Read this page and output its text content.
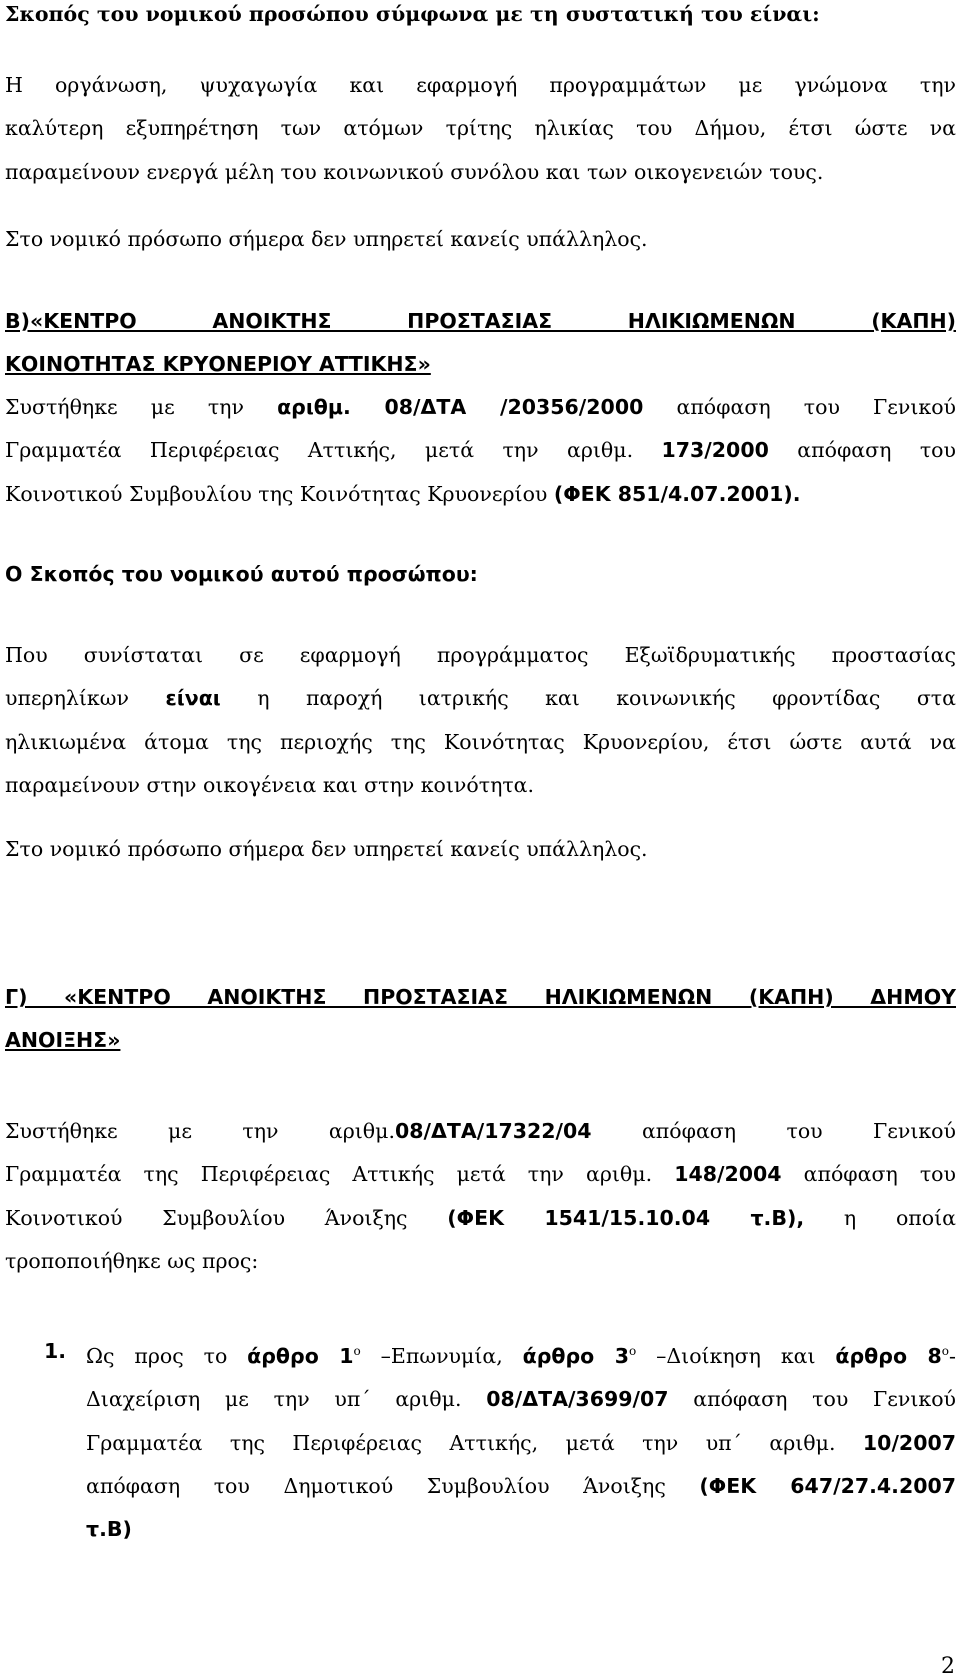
Σκοπός του νομικού προσώπου σύμφωνα με τη συστατική του είναι:

Η οργάνωση, ψυχαγωγία και εφαρμογή προγραμμάτων με γνώμονα την
καλύτερη εξυπηρέτηση των ατόμων τρίτης ηλικίας του Δήμου, έτσι ώστε να
παραμείνουν ενεργά μέλη του κοινωνικού συνόλου και των οικογενειών τους.
Στο νομικό πρόσωπο σήμερα δεν υπηρετεί κανείς υπάλληλος.
Β)«ΚΕΝΤΡΟ ΑΝΟΙΚΤΗΣ ΠΡΟΣΤΑΣΙΑΣ ΗΛΙΚΙΩΜΕΝΩΝ (ΚΑΠΗ)
ΚΟΙΝΟΤΗΤΑΣ ΚΡΥΟΝΕΡΙΟΥ ΑΤΤΙΚΗΣ»
Συστήθηκε με την αριθμ. 08/ΔΤΑ /20356/2000 απόφαση του Γενικού
Γραμματέα Περιφέρειας Αττικής, μετά την αριθμ. 173/2000 απόφαση του
Κοινοτικού Συμβουλίου της Κοινότητας Κρυονερίου (ΦΕΚ 851/4.07.2001).

Ο Σκοπός του νομικού αυτού προσώπου:

Που συνίσταται σε εφαρμογή προγράμματος Εξωϊδρυματικής προστασίας
υπερηλίκων είναι η παροχή ιατρικής και κοινωνικής φροντίδας στα
ηλικιωμένα άτομα της περιοχής της Κοινότητας Κρυονερίου, έτσι ώστε αυτά να
παραμείνουν στην οικογένεια και στην κοινότητα.
Στο νομικό πρόσωπο σήμερα δεν υπηρετεί κανείς υπάλληλος.
Γ) «ΚΕΝΤΡΟ ΑΝΟΙΚΤΗΣ ΠΡΟΣΤΑΣΙΑΣ ΗΛΙΚΙΩΜΕΝΩΝ (ΚΑΠΗ) ΔΗΜΟΥ
ΑΝΟΙΞΗΣ»
Συστήθηκε με την αριθμ.08/ΔΤΑ/17322/04 απόφαση του Γενικού
Γραμματέα της Περιφέρειας Αττικής μετά την αριθμ. 148/2004 απόφαση του
Κοινοτικού Συμβουλίου Άνοιξης (ΦΕΚ 1541/15.10.04 τ.Β), η οποία
τροποποιήθηκε ως προς:
1. Ως προς το άρθρο $1^o$ –Επωνυμία, άρθρο $3^o$ –Διοίκηση και άρθρο $8^o-$
Διαχείριση με την υπ΄ αριθμ. 08/ΔΤΑ/3699/07 απόφαση του Γενικού
Γραμματέα της Περιφέρειας Αττικής, μετά την υπ΄ αριθμ. 10/2007
απόφαση του Δημοτικού Συμβουλίου Άνοιξης (ΦΕΚ 647/27.4.2007
τ.Β)
2
